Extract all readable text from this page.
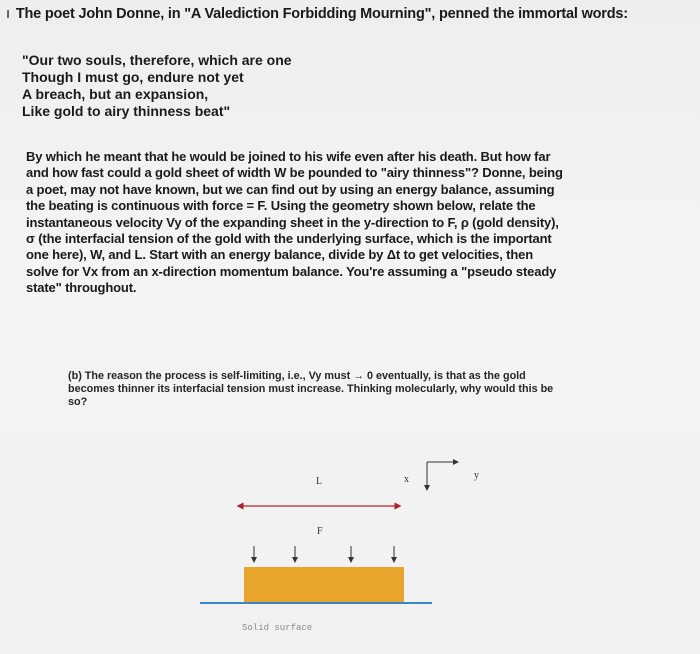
ı The poet John Donne, in "A Valediction Forbidding Mourning", penned the immortal words:
"Our two souls, therefore, which are one
Though I must go, endure not yet
A breach, but an expansion,
Like gold to airy thinness beat"
By which he meant that he would be joined to his wife even after his death. But how far
and how fast could a gold sheet of width W be pounded to "airy thinness"? Donne, being
a poet, may not have known, but we can find out by using an energy balance, assuming
the beating is continuous with force = F. Using the geometry shown below, relate the
instantaneous velocity Vy of the expanding sheet in the y-direction to F, ρ (gold density),
σ (the interfacial tension of the gold with the underlying surface, which is the important
one here), W, and L. Start with an energy balance, divide by Δt to get velocities, then
solve for Vx from an x-direction momentum balance. You're assuming a "pseudo steady
state" throughout.
(b) The reason the process is self-limiting, i.e., Vy must → 0 eventually, is that as the gold
becomes thinner its interfacial tension must increase. Thinking molecularly, why would this be
so?
L	x	y
F
Solid surface
